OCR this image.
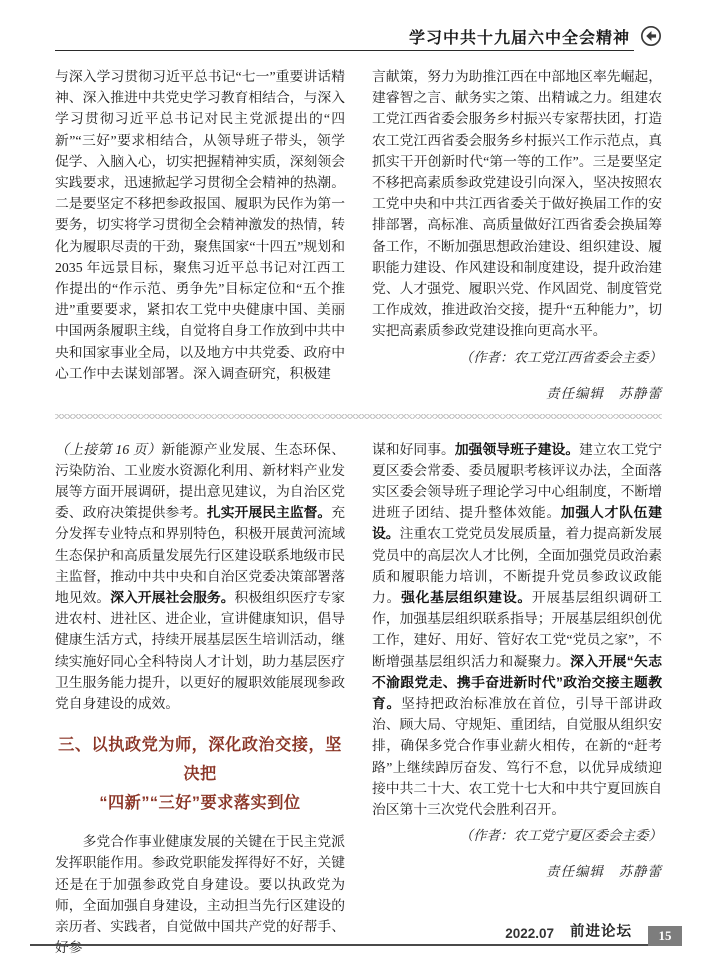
学习中共十九届六中全会精神

与深入学习贯彻习近平总书记“七一”重要讲话精神、深入推进中共党史学习教育相结合，与深入学习贯彻习近平总书记对民主党派提出的“四新”“三好”要求相结合，从领导班子带头，领学促学、入脑入心，切实把握精神实质，深刻领会实践要求，迅速掀起学习贯彻全会精神的热潮。二是要坚定不移把参政报国、履职为民作为第一要务，切实将学习贯彻全会精神激发的热情，转化为履职尽责的干劲，聚焦国家“十四五”规划和 2035 年远景目标，聚焦习近平总书记对江西工作提出的“作示范、勇争先”目标定位和“五个推进”重要要求，紧扣农工党中央健康中国、美丽中国两条履职主线，自觉将自身工作放到中共中央和国家事业全局，以及地方中共党委、政府中心工作中去谋划部署。深入调查研究，积极建

言献策，努力为助推江西在中部地区率先崛起，建睿智之言、献务实之策、出精诚之力。组建农工党江西省委会服务乡村振兴专家帮扶团，打造农工党江西省委会服务乡村振兴工作示范点，真抓实干开创新时代“第一等的工作”。三是要坚定不移把高素质参政党建设引向深入，坚决按照农工党中央和中共江西省委关于做好换届工作的安排部署，高标准、高质量做好江西省委会换届筹备工作，不断加强思想政治建设、组织建设、履职能力建设、作风建设和制度建设，提升政治建党、人才强党、履职兴党、作风固党、制度管党工作成效，推进政治交接，提升“五种能力”，切实把高素质参政党建设推向更高水平。

（作者：农工党江西省委会主委）

责任编辑　苏静蕾

（上接第 16 页）新能源产业发展、生态环保、污染防治、工业废水资源化利用、新材料产业发展等方面开展调研，提出意见建议，为自治区党委、政府决策提供参考。扎实开展民主监督。充分发挥专业特点和界别特色，积极开展黄河流域生态保护和高质量发展先行区建设联系地级市民主监督，推动中共中央和自治区党委决策部署落地见效。深入开展社会服务。积极组织医疗专家进农村、进社区、进企业，宣讲健康知识，倡导健康生活方式，持续开展基层医生培训活动，继续实施好同心全科特岗人才计划，助力基层医疗卫生服务能力提升，以更好的履职效能展现参政党自身建设的成效。

三、以执政党为师，深化政治交接，坚决把
“四新”“三好”要求落实到位

多党合作事业健康发展的关键在于民主党派发挥职能作用。参政党职能发挥得好不好，关键还是在于加强参政党自身建设。要以执政党为师，全面加强自身建设，主动担当先行区建设的亲历者、实践者，自觉做中国共产党的好帮手、好参

谋和好同事。加强领导班子建设。建立农工党宁夏区委会常委、委员履职考核评议办法，全面落实区委会领导班子理论学习中心组制度，不断增进班子团结、提升整体效能。加强人才队伍建设。注重农工党党员发展质量，着力提高新发展党员中的高层次人才比例，全面加强党员政治素质和履职能力培训，不断提升党员参政议政能力。强化基层组织建设。开展基层组织调研工作，加强基层组织联系指导；开展基层组织创优工作，建好、用好、管好农工党“党员之家”，不断增强基层组织活力和凝聚力。深入开展“矢志不渝跟党走、携手奋进新时代”政治交接主题教育。坚持把政治标准放在首位，引导干部讲政治、顾大局、守规矩、重团结，自觉服从组织安排，确保多党合作事业薪火相传，在新的“赶考路”上继续踔厉奋发、笃行不怠，以优异成绩迎接中共二十大、农工党十七大和中共宁夏回族自治区第十三次党代会胜利召开。

（作者：农工党宁夏区委会主委）

责任编辑　苏静蕾

2022.07 前进论坛	15
